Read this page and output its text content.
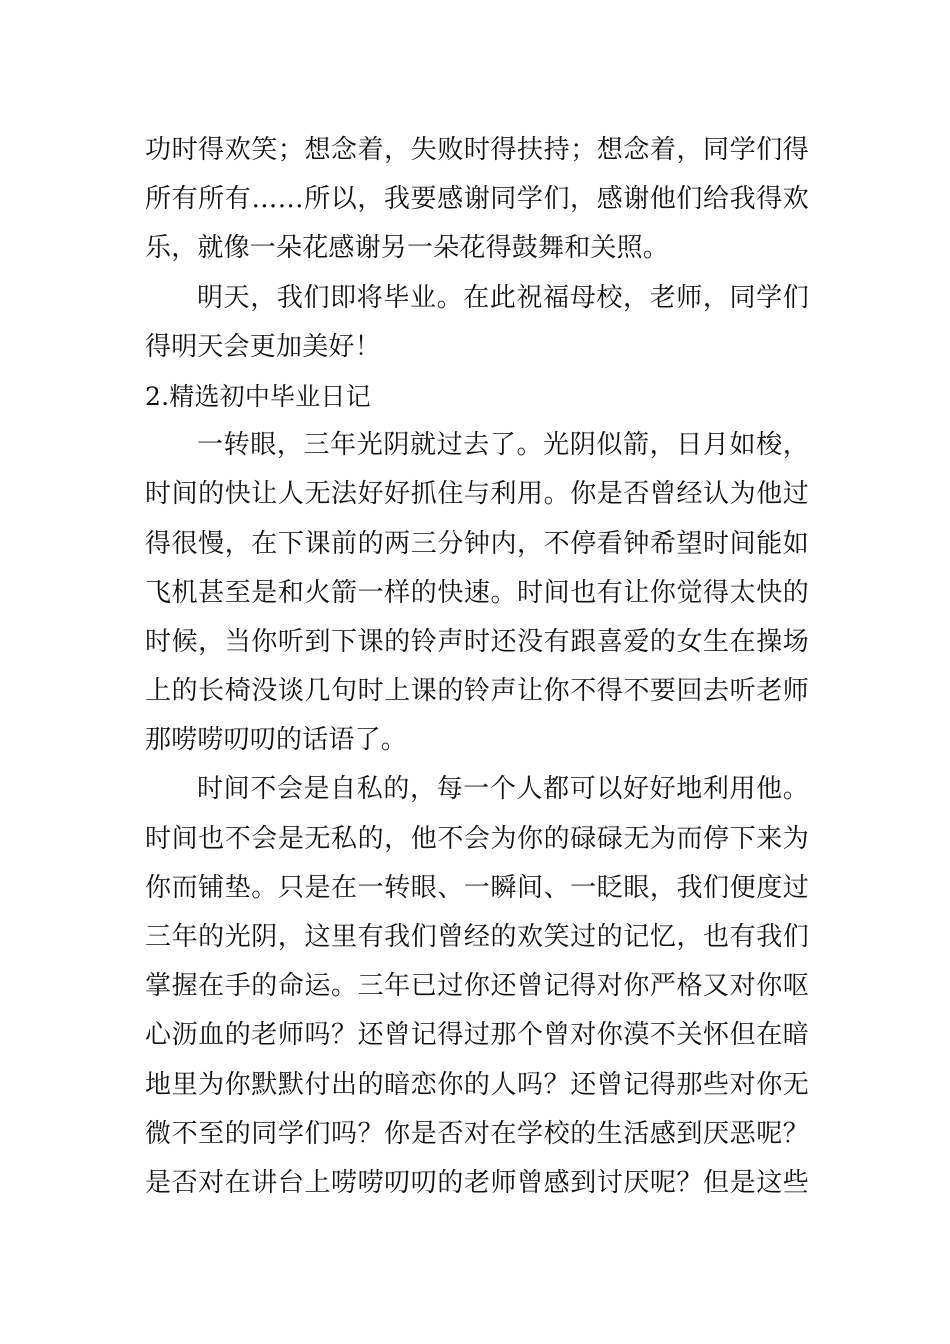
功时得欢笑；想念着，失败时得扶持；想念着，同学们得
所有所有……所以，我要感谢同学们，感谢他们给我得欢
乐，就像一朵花感谢另一朵花得鼓舞和关照。
明天，我们即将毕业。在此祝福母校，老师，同学们
得明天会更加美好！
2.精选初中毕业日记
一转眼，三年光阴就过去了。光阴似箭，日月如梭，
时间的快让人无法好好抓住与利用。你是否曾经认为他过
得很慢，在下课前的两三分钟内，不停看钟希望时间能如
飞机甚至是和火箭一样的快速。时间也有让你觉得太快的
时候，当你听到下课的铃声时还没有跟喜爱的女生在操场
上的长椅没谈几句时上课的铃声让你不得不要回去听老师
那唠唠叨叨的话语了。
时间不会是自私的，每一个人都可以好好地利用他。
时间也不会是无私的，他不会为你的碌碌无为而停下来为
你而铺垫。只是在一转眼、一瞬间、一眨眼，我们便度过
三年的光阴，这里有我们曾经的欢笑过的记忆，也有我们
掌握在手的命运。三年已过你还曾记得对你严格又对你呕
心沥血的老师吗？还曾记得过那个曾对你漠不关怀但在暗
地里为你默默付出的暗恋你的人吗？还曾记得那些对你无
微不至的同学们吗？你是否对在学校的生活感到厌恶呢？
是否对在讲台上唠唠叨叨的老师曾感到讨厌呢？但是这些
